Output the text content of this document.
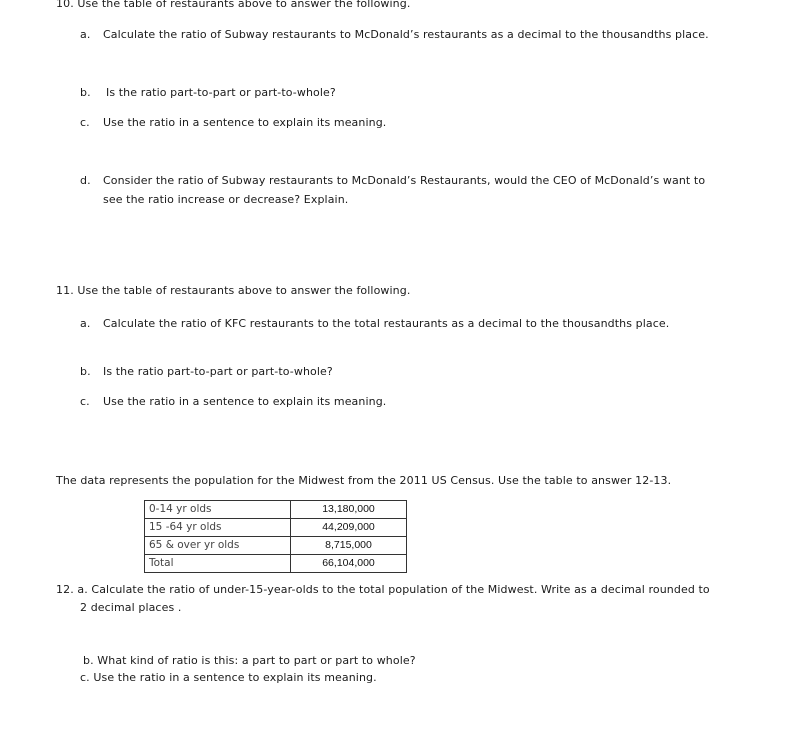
10. Use the table of restaurants above to answer the following.
a. Calculate the ratio of Subway restaurants to McDonald’s restaurants as a decimal to the thousandths place.
b. Is the ratio part-to-part or part-to-whole?
c. Use the ratio in a sentence to explain its meaning.
d. Consider the ratio of Subway restaurants to McDonald’s Restaurants, would the CEO of McDonald’s want to
see the ratio increase or decrease? Explain.
11. Use the table of restaurants above to answer the following.
a. Calculate the ratio of KFC restaurants to the total restaurants as a decimal to the thousandths place.
b. Is the ratio part-to-part or part-to-whole?
c. Use the ratio in a sentence to explain its meaning.
The data represents the population for the Midwest from the 2011 US Census. Use the table to answer 12-13.
0-14 yr olds	13,180,000
15 -64 yr olds	44,209,000
65 & over yr olds	8,715,000
Total	66,104,000
12. a. Calculate the ratio of under-15-year-olds to the total population of the Midwest. Write as a decimal rounded to
2 decimal places .
b. What kind of ratio is this: a part to part or part to whole?
c. Use the ratio in a sentence to explain its meaning.
